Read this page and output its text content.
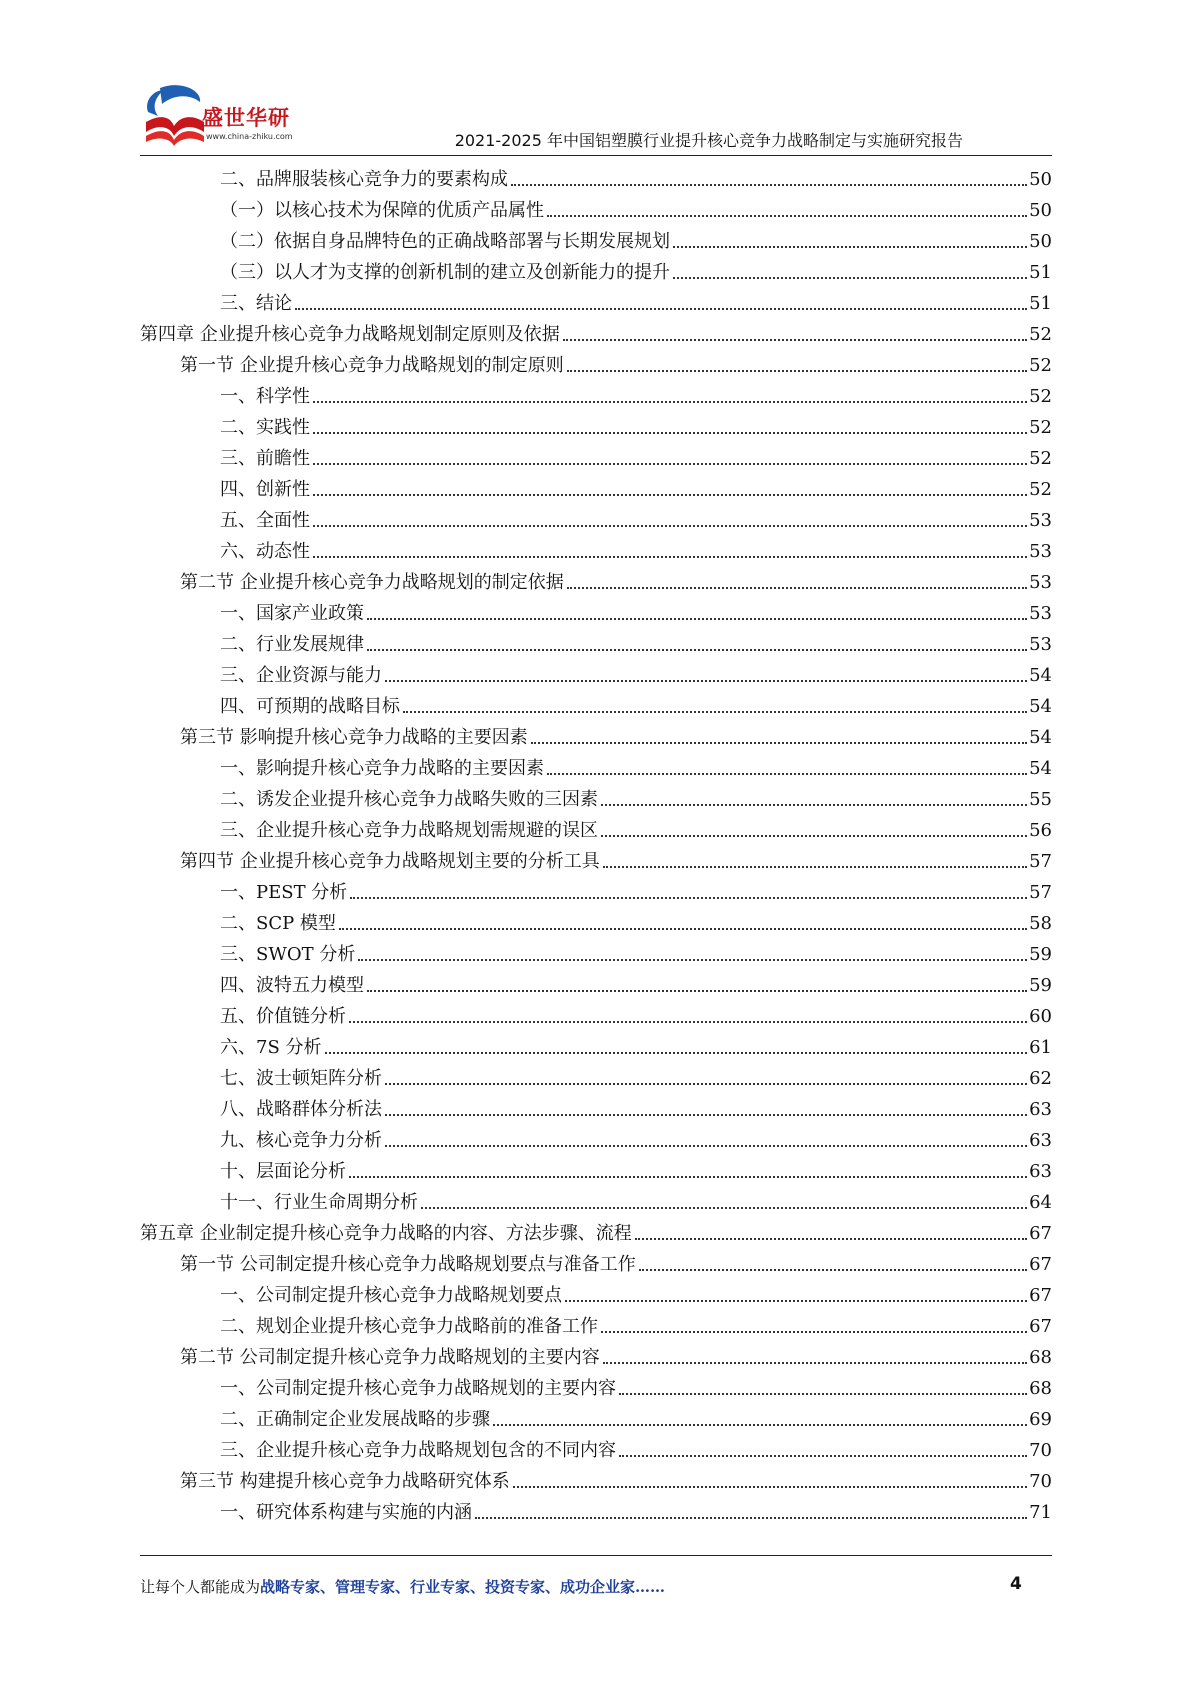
盛世华研
www.china-zhiku.com	2021-2025 年中国铝塑膜行业提升核心竞争力战略制定与实施研究报告
二、品牌服装核心竞争力的要素构成	50
（一）以核心技术为保障的优质产品属性	50
（二）依据自身品牌特色的正确战略部署与长期发展规划	50
（三）以人才为支撑的创新机制的建立及创新能力的提升	51
三、结论	51
第四章 企业提升核心竞争力战略规划制定原则及依据	52
第一节 企业提升核心竞争力战略规划的制定原则	52
一、科学性	52
二、实践性	52
三、前瞻性	52
四、创新性	52
五、全面性	53
六、动态性	53
第二节 企业提升核心竞争力战略规划的制定依据	53
一、国家产业政策	53
二、行业发展规律	53
三、企业资源与能力	54
四、可预期的战略目标	54
第三节 影响提升核心竞争力战略的主要因素	54
一、影响提升核心竞争力战略的主要因素	54
二、诱发企业提升核心竞争力战略失败的三因素	55
三、企业提升核心竞争力战略规划需规避的误区	56
第四节 企业提升核心竞争力战略规划主要的分析工具	57
一、PEST 分析	57
二、SCP 模型	58
三、SWOT 分析	59
四、波特五力模型	59
五、价值链分析	60
六、7S 分析	61
七、波士顿矩阵分析	62
八、战略群体分析法	63
九、核心竞争力分析	63
十、层面论分析	63
十一、行业生命周期分析	64
第五章 企业制定提升核心竞争力战略的内容、方法步骤、流程	67
第一节 公司制定提升核心竞争力战略规划要点与准备工作	67
一、公司制定提升核心竞争力战略规划要点	67
二、规划企业提升核心竞争力战略前的准备工作	67
第二节 公司制定提升核心竞争力战略规划的主要内容	68
一、公司制定提升核心竞争力战略规划的主要内容	68
二、正确制定企业发展战略的步骤	69
三、企业提升核心竞争力战略规划包含的不同内容	70
第三节 构建提升核心竞争力战略研究体系	70
一、研究体系构建与实施的内涵	71
让每个人都能成为战略专家、管理专家、行业专家、投资专家、成功企业家……	4
